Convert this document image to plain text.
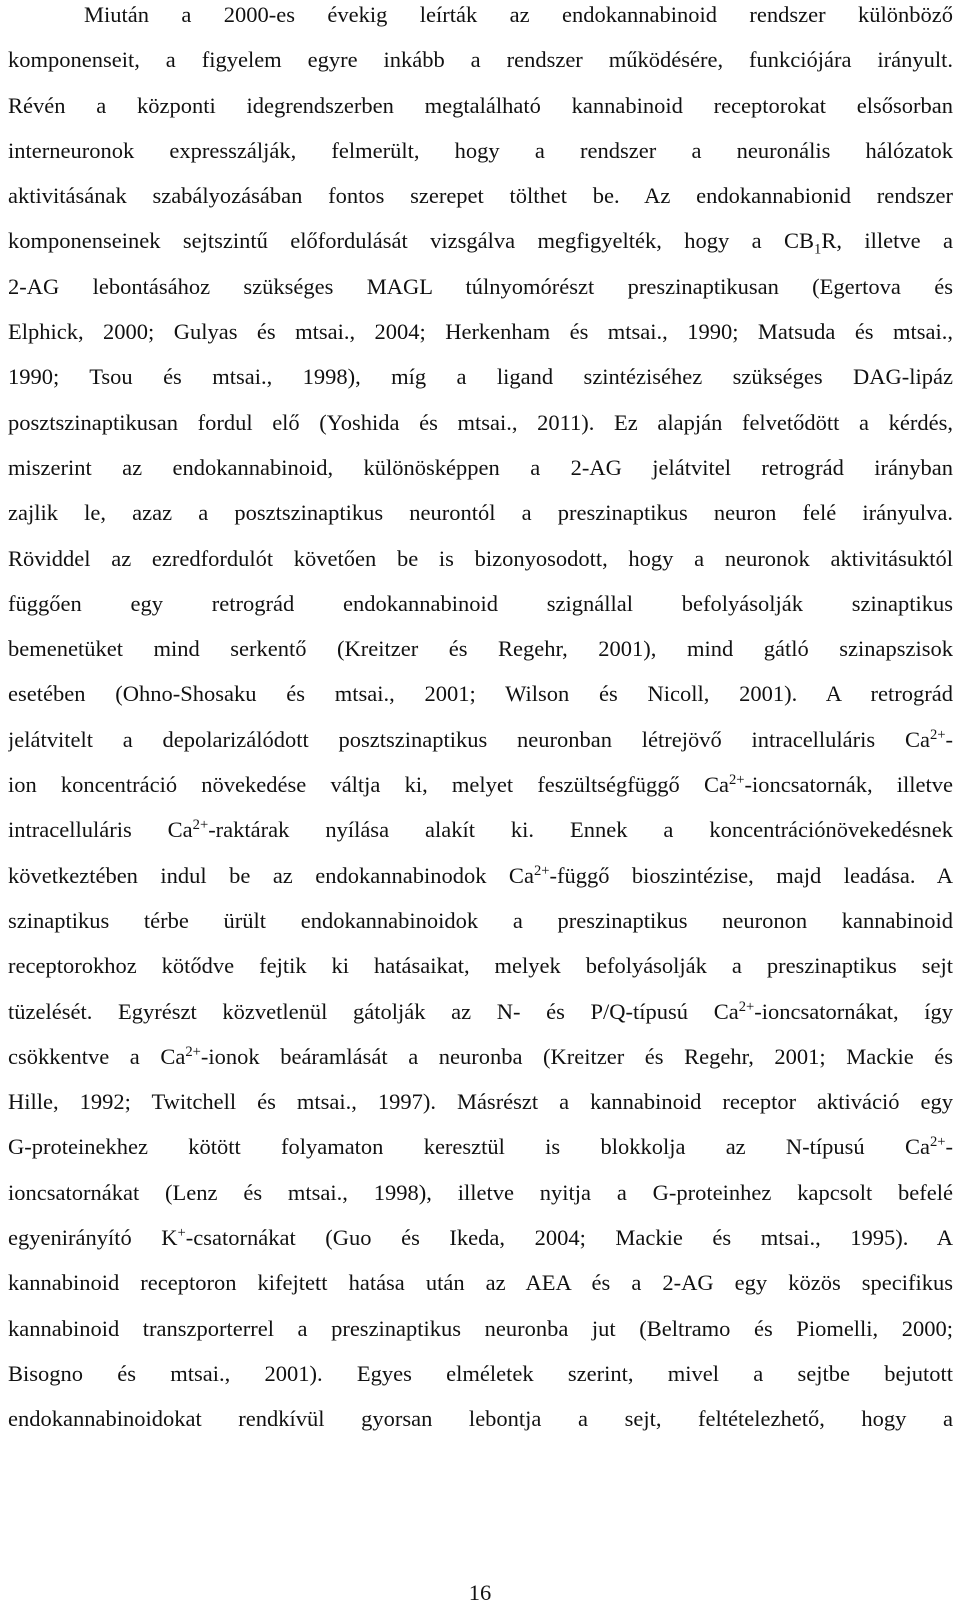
Miután a 2000-es évekig leírták az endokannabinoid rendszer különböző
komponenseit, a figyelem egyre inkább a rendszer működésére, funkciójára irányult.
Révén a központi idegrendszerben megtalálható kannabinoid receptorokat elsősorban
interneuronok expresszálják, felmerült, hogy a rendszer a neuronális hálózatok
aktivitásának szabályozásában fontos szerepet tölthet be. Az endokannabionid rendszer
komponenseinek sejtszintű előfordulását vizsgálva megfigyelték, hogy a $CB_1R$, illetve a
2-AG lebontásához szükséges MAGL túlnyomórészt preszinaptikusan (Egertova és
Elphick, 2000; Gulyas és mtsai., 2004; Herkenham és mtsai., 1990; Matsuda és mtsai.,
1990; Tsou és mtsai., 1998), míg a ligand szintéziséhez szükséges DAG-lipáz
posztszinaptikusan fordul elő (Yoshida és mtsai., 2011). Ez alapján felvetődött a kérdés,
miszerint az endokannabinoid, különösképpen a 2-AG jelátvitel retrográd irányban
zajlik le, azaz a posztszinaptikus neurontól a preszinaptikus neuron felé irányulva.
Röviddel az ezredfordulót követően be is bizonyosodott, hogy a neuronok aktivitásuktól
függően egy retrográd endokannabinoid szignállal befolyásolják szinaptikus
bemenetüket mind serkentő (Kreitzer és Regehr, 2001), mind gátló szinapszisok
esetében (Ohno-Shosaku és mtsai., 2001; Wilson és Nicoll, 2001). A retrográd
jelátvitelt a depolarizálódott posztszinaptikus neuronban létrejövő intracelluláris $Ca^{2+}-$
ion koncentráció növekedése váltja ki, melyet feszültségfüggő $Ca^{2+}$-ioncsatornák, illetve
intracelluláris $Ca^{2+}$-raktárak nyílása alakít ki. Ennek a koncentrációnövekedésnek
következtében indul be az endokannabinodok $Ca^{2+}$-függő bioszintézise, majd leadása. A
szinaptikus térbe ürült endokannabinoidok a preszinaptikus neuronon kannabinoid
receptorokhoz kötődve fejtik ki hatásaikat, melyek befolyásolják a preszinaptikus sejt
tüzelését. Egyrészt közvetlenül gátolják az N- és P/Q-típusú $Ca^{2+}$-ioncsatornákat, így
csökkentve a $Ca^{2+}$-ionok beáramlását a neuronba (Kreitzer és Regehr, 2001; Mackie és
Hille, 1992; Twitchell és mtsai., 1997). Másrészt a kannabinoid receptor aktiváció egy
G-proteinekhez kötött folyamaton keresztül is blokkolja az N-típusú $Ca^{2+}-$
ioncsatornákat (Lenz és mtsai., 1998), illetve nyitja a G-proteinhez kapcsolt befelé
egyenirányító K+-csatornákat (Guo és Ikeda, 2004; Mackie és mtsai., 1995). A
kannabinoid receptoron kifejtett hatása után az AEA és a 2-AG egy közös specifikus
kannabinoid transzporterrel a preszinaptikus neuronba jut (Beltramo és Piomelli, 2000;
Bisogno és mtsai., 2001). Egyes elméletek szerint, mivel a sejtbe bejutott
endokannabinoidokat rendkívül gyorsan lebontja a sejt, feltételezhető, hogy a
16
